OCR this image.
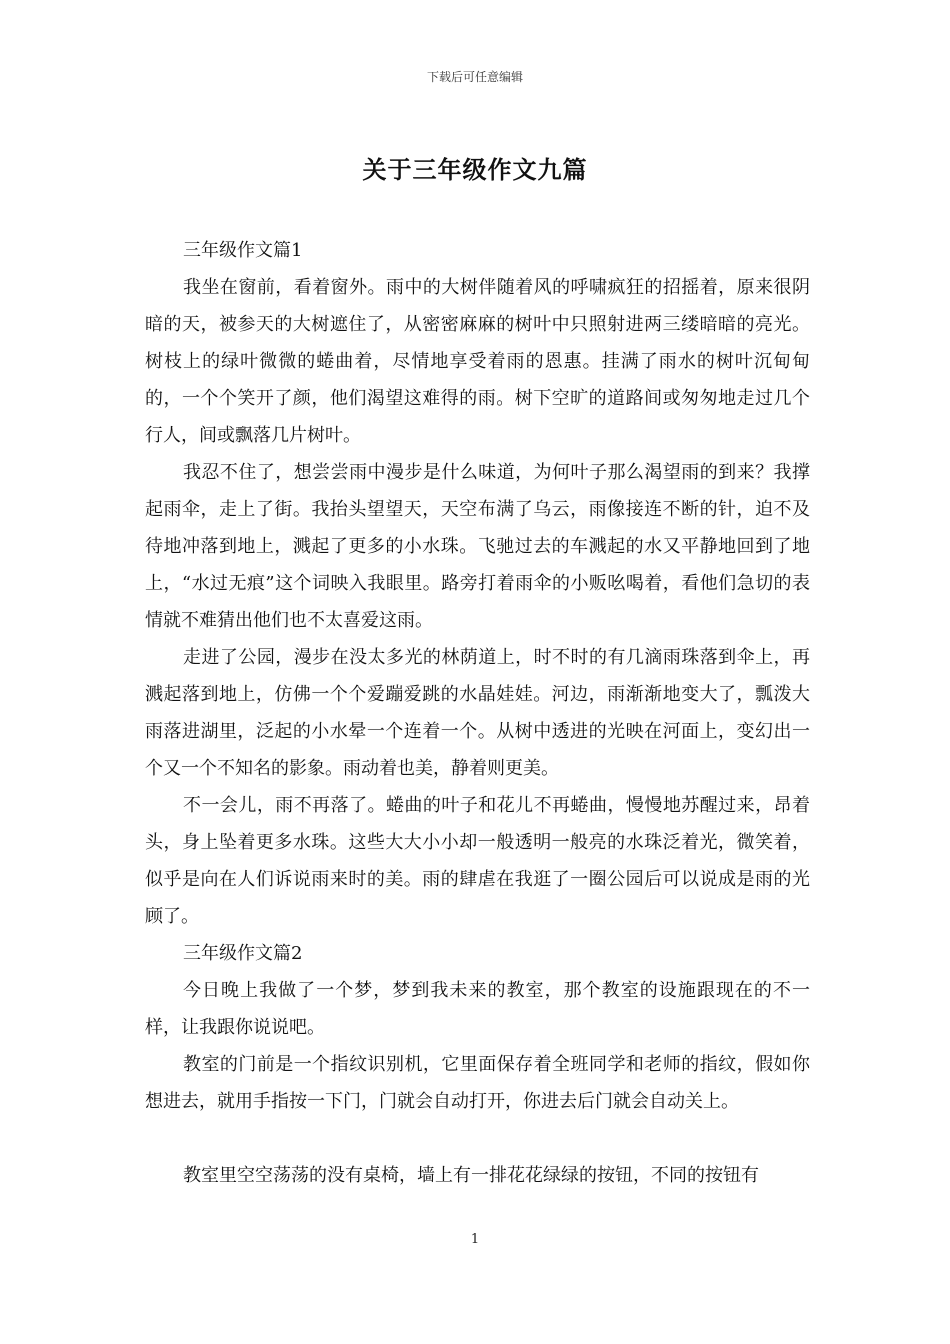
下载后可任意编辑
关于三年级作文九篇

三年级作文篇1

我坐在窗前，看着窗外。雨中的大树伴随着风的呼啸疯狂的招摇着，原来很阴暗的天，被参天的大树遮住了，从密密麻麻的树叶中只照射进两三缕暗暗的亮光。树枝上的绿叶微微的蜷曲着，尽情地享受着雨的恩惠。挂满了雨水的树叶沉甸甸的，一个个笑开了颜，他们渴望这难得的雨。树下空旷的道路间或匆匆地走过几个行人，间或飘落几片树叶。

我忍不住了，想尝尝雨中漫步是什么味道，为何叶子那么渴望雨的到来？我撑起雨伞，走上了街。我抬头望望天，天空布满了乌云，雨像接连不断的针，迫不及待地冲落到地上，溅起了更多的小水珠。飞驰过去的车溅起的水又平静地回到了地上，“水过无痕”这个词映入我眼里。路旁打着雨伞的小贩吆喝着，看他们急切的表情就不难猜出他们也不太喜爱这雨。

走进了公园，漫步在没太多光的林荫道上，时不时的有几滴雨珠落到伞上，再溅起落到地上，仿佛一个个爱蹦爱跳的水晶娃娃。河边，雨渐渐地变大了，瓢泼大雨落进湖里，泛起的小水晕一个连着一个。从树中透进的光映在河面上，变幻出一个又一个不知名的影象。雨动着也美，静着则更美。

不一会儿，雨不再落了。蜷曲的叶子和花儿不再蜷曲，慢慢地苏醒过来，昂着头，身上坠着更多水珠。这些大大小小却一般透明一般亮的水珠泛着光，微笑着，似乎是向在人们诉说雨来时的美。雨的肆虐在我逛了一圈公园后可以说成是雨的光顾了。

三年级作文篇2

今日晚上我做了一个梦，梦到我未来的教室，那个教室的设施跟现在的不一样，让我跟你说说吧。

教室的门前是一个指纹识别机，它里面保存着全班同学和老师的指纹，假如你想进去，就用手指按一下门，门就会自动打开，你进去后门就会自动关上。

教室里空空荡荡的没有桌椅，墙上有一排花花绿绿的按钮，不同的按钮有

1
